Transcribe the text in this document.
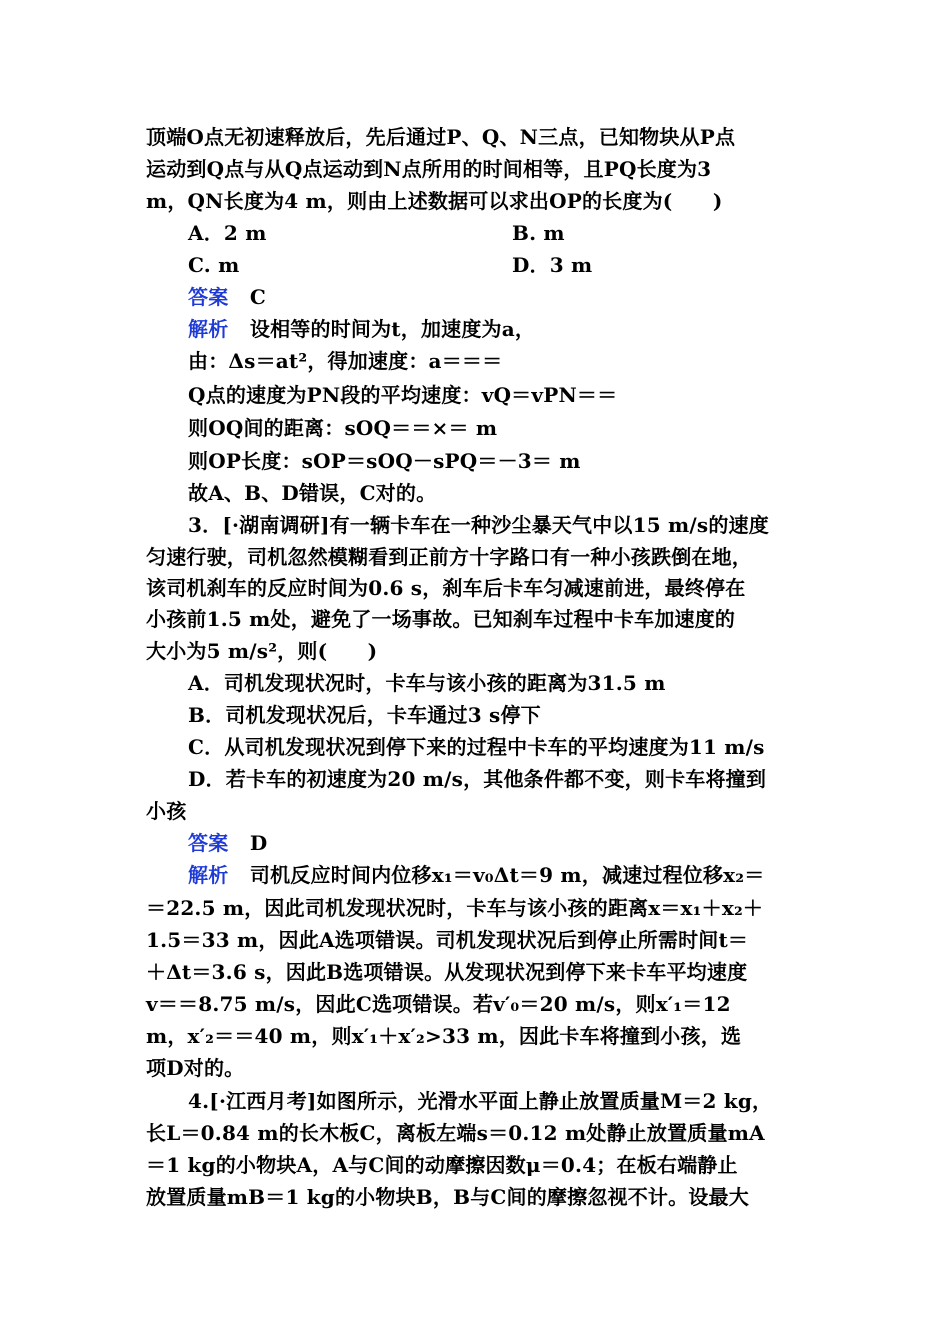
顶端O点无初速释放后，先后通过P、Q、N三点，已知物块从P点
运动到Q点与从Q点运动到N点所用的时间相等，且PQ长度为3
m，QN长度为4 m，则由上述数据可以求出OP的长度为(　　)
A．2 m	B. m
C. m	D．3 m
答案 C
解析 设相等的时间为t，加速度为a，
由：Δs＝at²，得加速度：a＝＝＝
Q点的速度为PN段的平均速度：vQ＝vPN＝＝
则OQ间的距离：sOQ＝＝×＝ m
则OP长度：sOP＝sOQ－sPQ＝－3＝ m
故A、B、D错误，C对的。
3．[·湖南调研]有一辆卡车在一种沙尘暴天气中以15 m/s的速度
匀速行驶，司机忽然模糊看到正前方十字路口有一种小孩跌倒在地，
该司机刹车的反应时间为0.6 s，刹车后卡车匀减速前进，最终停在
小孩前1.5 m处，避免了一场事故。已知刹车过程中卡车加速度的
大小为5 m/s²，则(　　)
A．司机发现状况时，卡车与该小孩的距离为31.5 m
B．司机发现状况后，卡车通过3 s停下
C．从司机发现状况到停下来的过程中卡车的平均速度为11 m/s
D．若卡车的初速度为20 m/s，其他条件都不变，则卡车将撞到
小孩
答案 D
解析 司机反应时间内位移x₁＝v₀Δt＝9 m，减速过程位移x₂＝
＝22.5 m，因此司机发现状况时，卡车与该小孩的距离x＝x₁＋x₂＋
1.5＝33 m，因此A选项错误。司机发现状况后到停止所需时间t＝
＋Δt＝3.6 s，因此B选项错误。从发现状况到停下来卡车平均速度
v＝＝8.75 m/s，因此C选项错误。若v′₀＝20 m/s，则x′₁＝12
m，x′₂＝＝40 m，则x′₁＋x′₂>33 m，因此卡车将撞到小孩，选
项D对的。
4.[·江西月考]如图所示，光滑水平面上静止放置质量M＝2 kg，
长L＝0.84 m的长木板C，离板左端s＝0.12 m处静止放置质量mA
＝1 kg的小物块A，A与C间的动摩擦因数μ＝0.4；在板右端静止
放置质量mB＝1 kg的小物块B，B与C间的摩擦忽视不计。设最大
